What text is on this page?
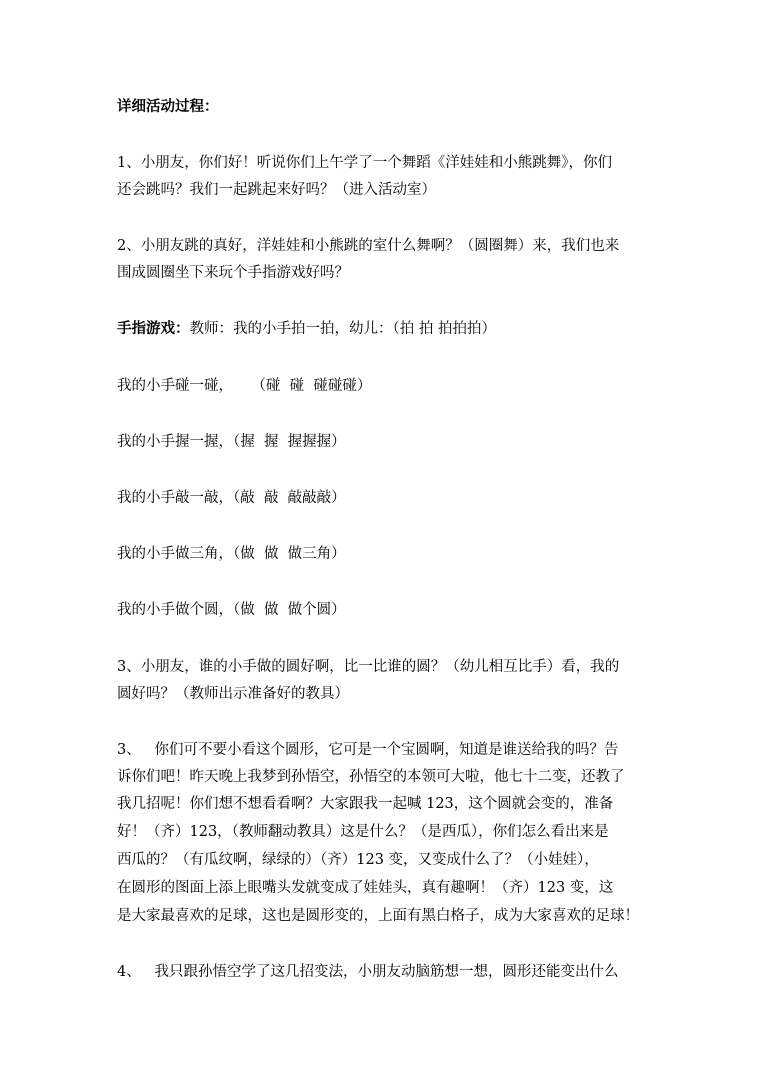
详细活动过程：
1、小朋友，你们好！听说你们上午学了一个舞蹈《洋娃娃和小熊跳舞》，你们
还会跳吗？我们一起跳起来好吗？（进入活动室）
2、小朋友跳的真好，洋娃娃和小熊跳的室什么舞啊？（圆圈舞）来，我们也来
围成圆圈坐下来玩个手指游戏好吗？
手指游戏：教师：我的小手拍一拍，幼儿：（拍 拍 拍拍拍）
我的小手碰一碰，    （碰  碰  碰碰碰）
我的小手握一握，（握  握  握握握）
我的小手敲一敲，（敲  敲  敲敲敲）
我的小手做三角，（做  做  做三角）
我的小手做个圆，（做  做  做个圆）
3、小朋友，谁的小手做的圆好啊，比一比谁的圆？（幼儿相互比手）看，我的
圆好吗？（教师出示准备好的教具）
3、   你们可不要小看这个圆形，它可是一个宝圆啊，知道是谁送给我的吗？告
诉你们吧！昨天晚上我梦到孙悟空，孙悟空的本领可大啦，他七十二变，还教了
我几招呢！你们想不想看看啊？大家跟我一起喊 123，这个圆就会变的，准备
好！（齐）123，（教师翻动教具）这是什么？（是西瓜），你们怎么看出来是
西瓜的？（有瓜纹啊，绿绿的）（齐）123 变，又变成什么了？（小娃娃），
在圆形的图面上添上眼嘴头发就变成了娃娃头，真有趣啊！（齐）123 变，这
是大家最喜欢的足球，这也是圆形变的，上面有黑白格子，成为大家喜欢的足球！
4、   我只跟孙悟空学了这几招变法，小朋友动脑筋想一想，圆形还能变出什么
